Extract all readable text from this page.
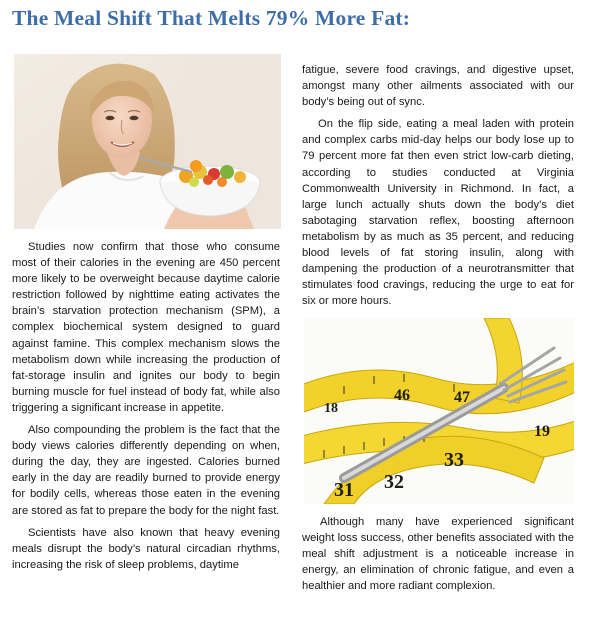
The Meal Shift That Melts 79% More Fat:

Studies now confirm that those who consume most of their calories in the evening are 450 percent more likely to be overweight because daytime calorie restriction followed by nighttime eating activates the brain’s starvation protection mechanism (SPM), a complex biochemical system designed to guard against famine. This complex mechanism slows the metabolism down while increasing the production of fat-storage insulin and ignites our body to begin burning muscle for fuel instead of body fat, while also triggering a significant increase in appetite.

Also compounding the problem is the fact that the body views calories differently depending on when, during the day, they are ingested. Calories burned early in the day are readily burned to provide energy for bodily cells, whereas those eaten in the evening are stored as fat to prepare the body for the night fast.

Scientists have also known that heavy evening meals disrupt the body’s natural circadian rhythms, increasing the risk of sleep problems, daytime

fatigue, severe food cravings, and digestive upset, amongst many other ailments associated with our body’s being out of sync.

On the flip side, eating a meal laden with protein and complex carbs mid-day helps our body lose up to 79 percent more fat then even strict low-carb dieting, according to studies conducted at Virginia Commonwealth University in Richmond. In fact, a large lunch actually shuts down the body’s diet sabotaging starvation reflex, boosting afternoon metabolism by as much as 35 percent, and reducing blood levels of fat storing insulin, along with dampening the production of a neurotransmitter that stimulates food cravings, reducing the urge to eat for six or more hours.

31 32
33
46	47
19
18

Although many have experienced significant weight loss success, other benefits associated with the meal shift adjustment is a noticeable increase in energy, an elimination of chronic fatigue, and even a healthier and more radiant complexion.
